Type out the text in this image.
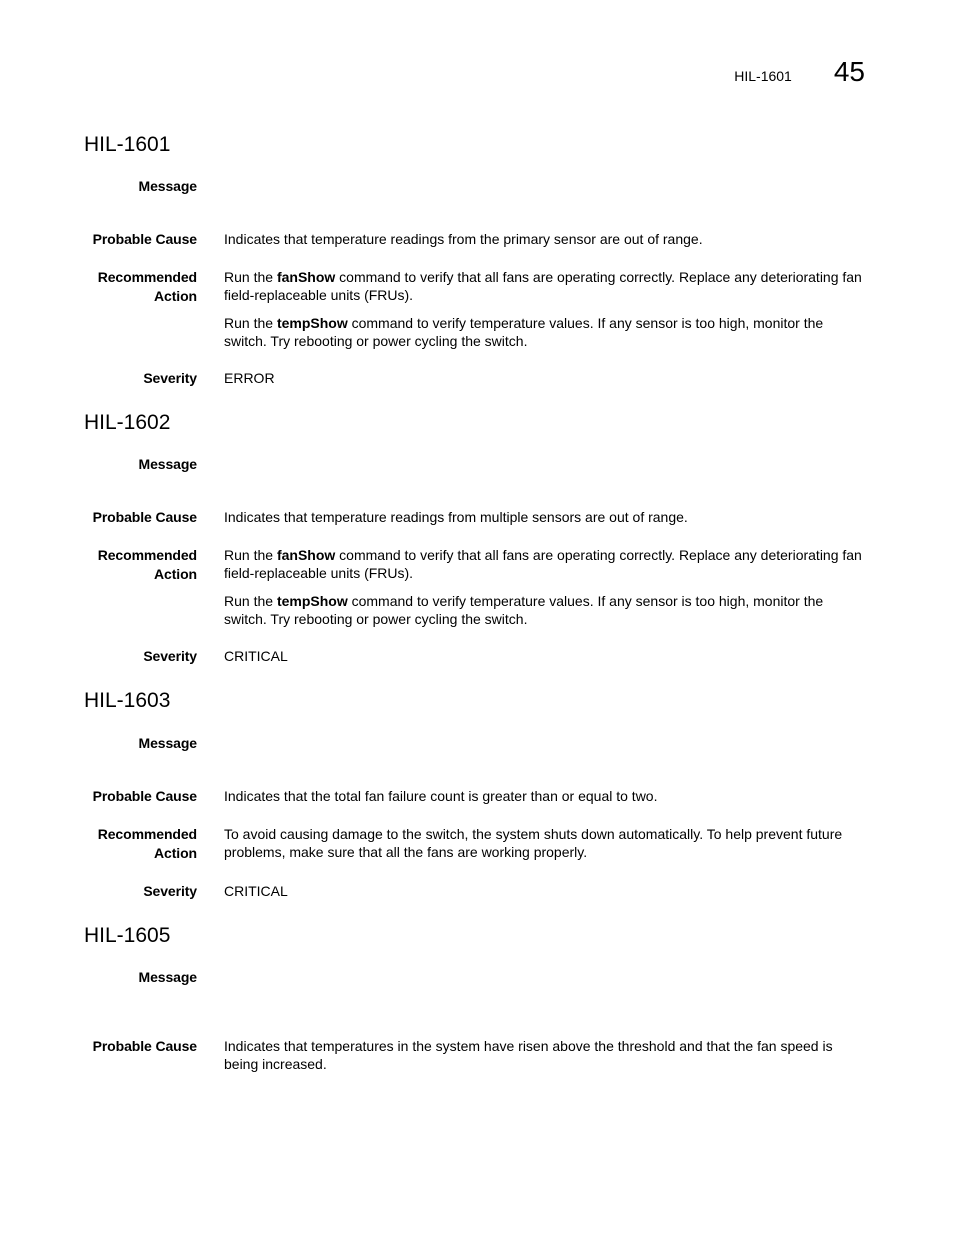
HIL-1601 45
HIL-1601
Message
Probable Cause Indicates that temperature readings from the primary sensor are out of range.
Recommended
Action

Run the fanShow command to verify that all fans are operating correctly. Replace any deteriorating fan field-replaceable units (FRUs).

Run the tempShow command to verify temperature values. If any sensor is too high, monitor the switch. Try rebooting or power cycling the switch.

Severity ERROR
HIL-1602
Message
Probable Cause Indicates that temperature readings from multiple sensors are out of range.
Recommended
Action

Run the fanShow command to verify that all fans are operating correctly. Replace any deteriorating fan field-replaceable units (FRUs).

Run the tempShow command to verify temperature values. If any sensor is too high, monitor the switch. Try rebooting or power cycling the switch.

Severity CRITICAL
HIL-1603
Message
Probable Cause Indicates that the total fan failure count is greater than or equal to two.
Recommended
Action
To avoid causing damage to the switch, the system shuts down automatically. To help prevent future problems, make sure that all the fans are working properly.
Severity CRITICAL
HIL-1605
Message
Probable Cause Indicates that temperatures in the system have risen above the threshold and that the fan speed is being increased.
